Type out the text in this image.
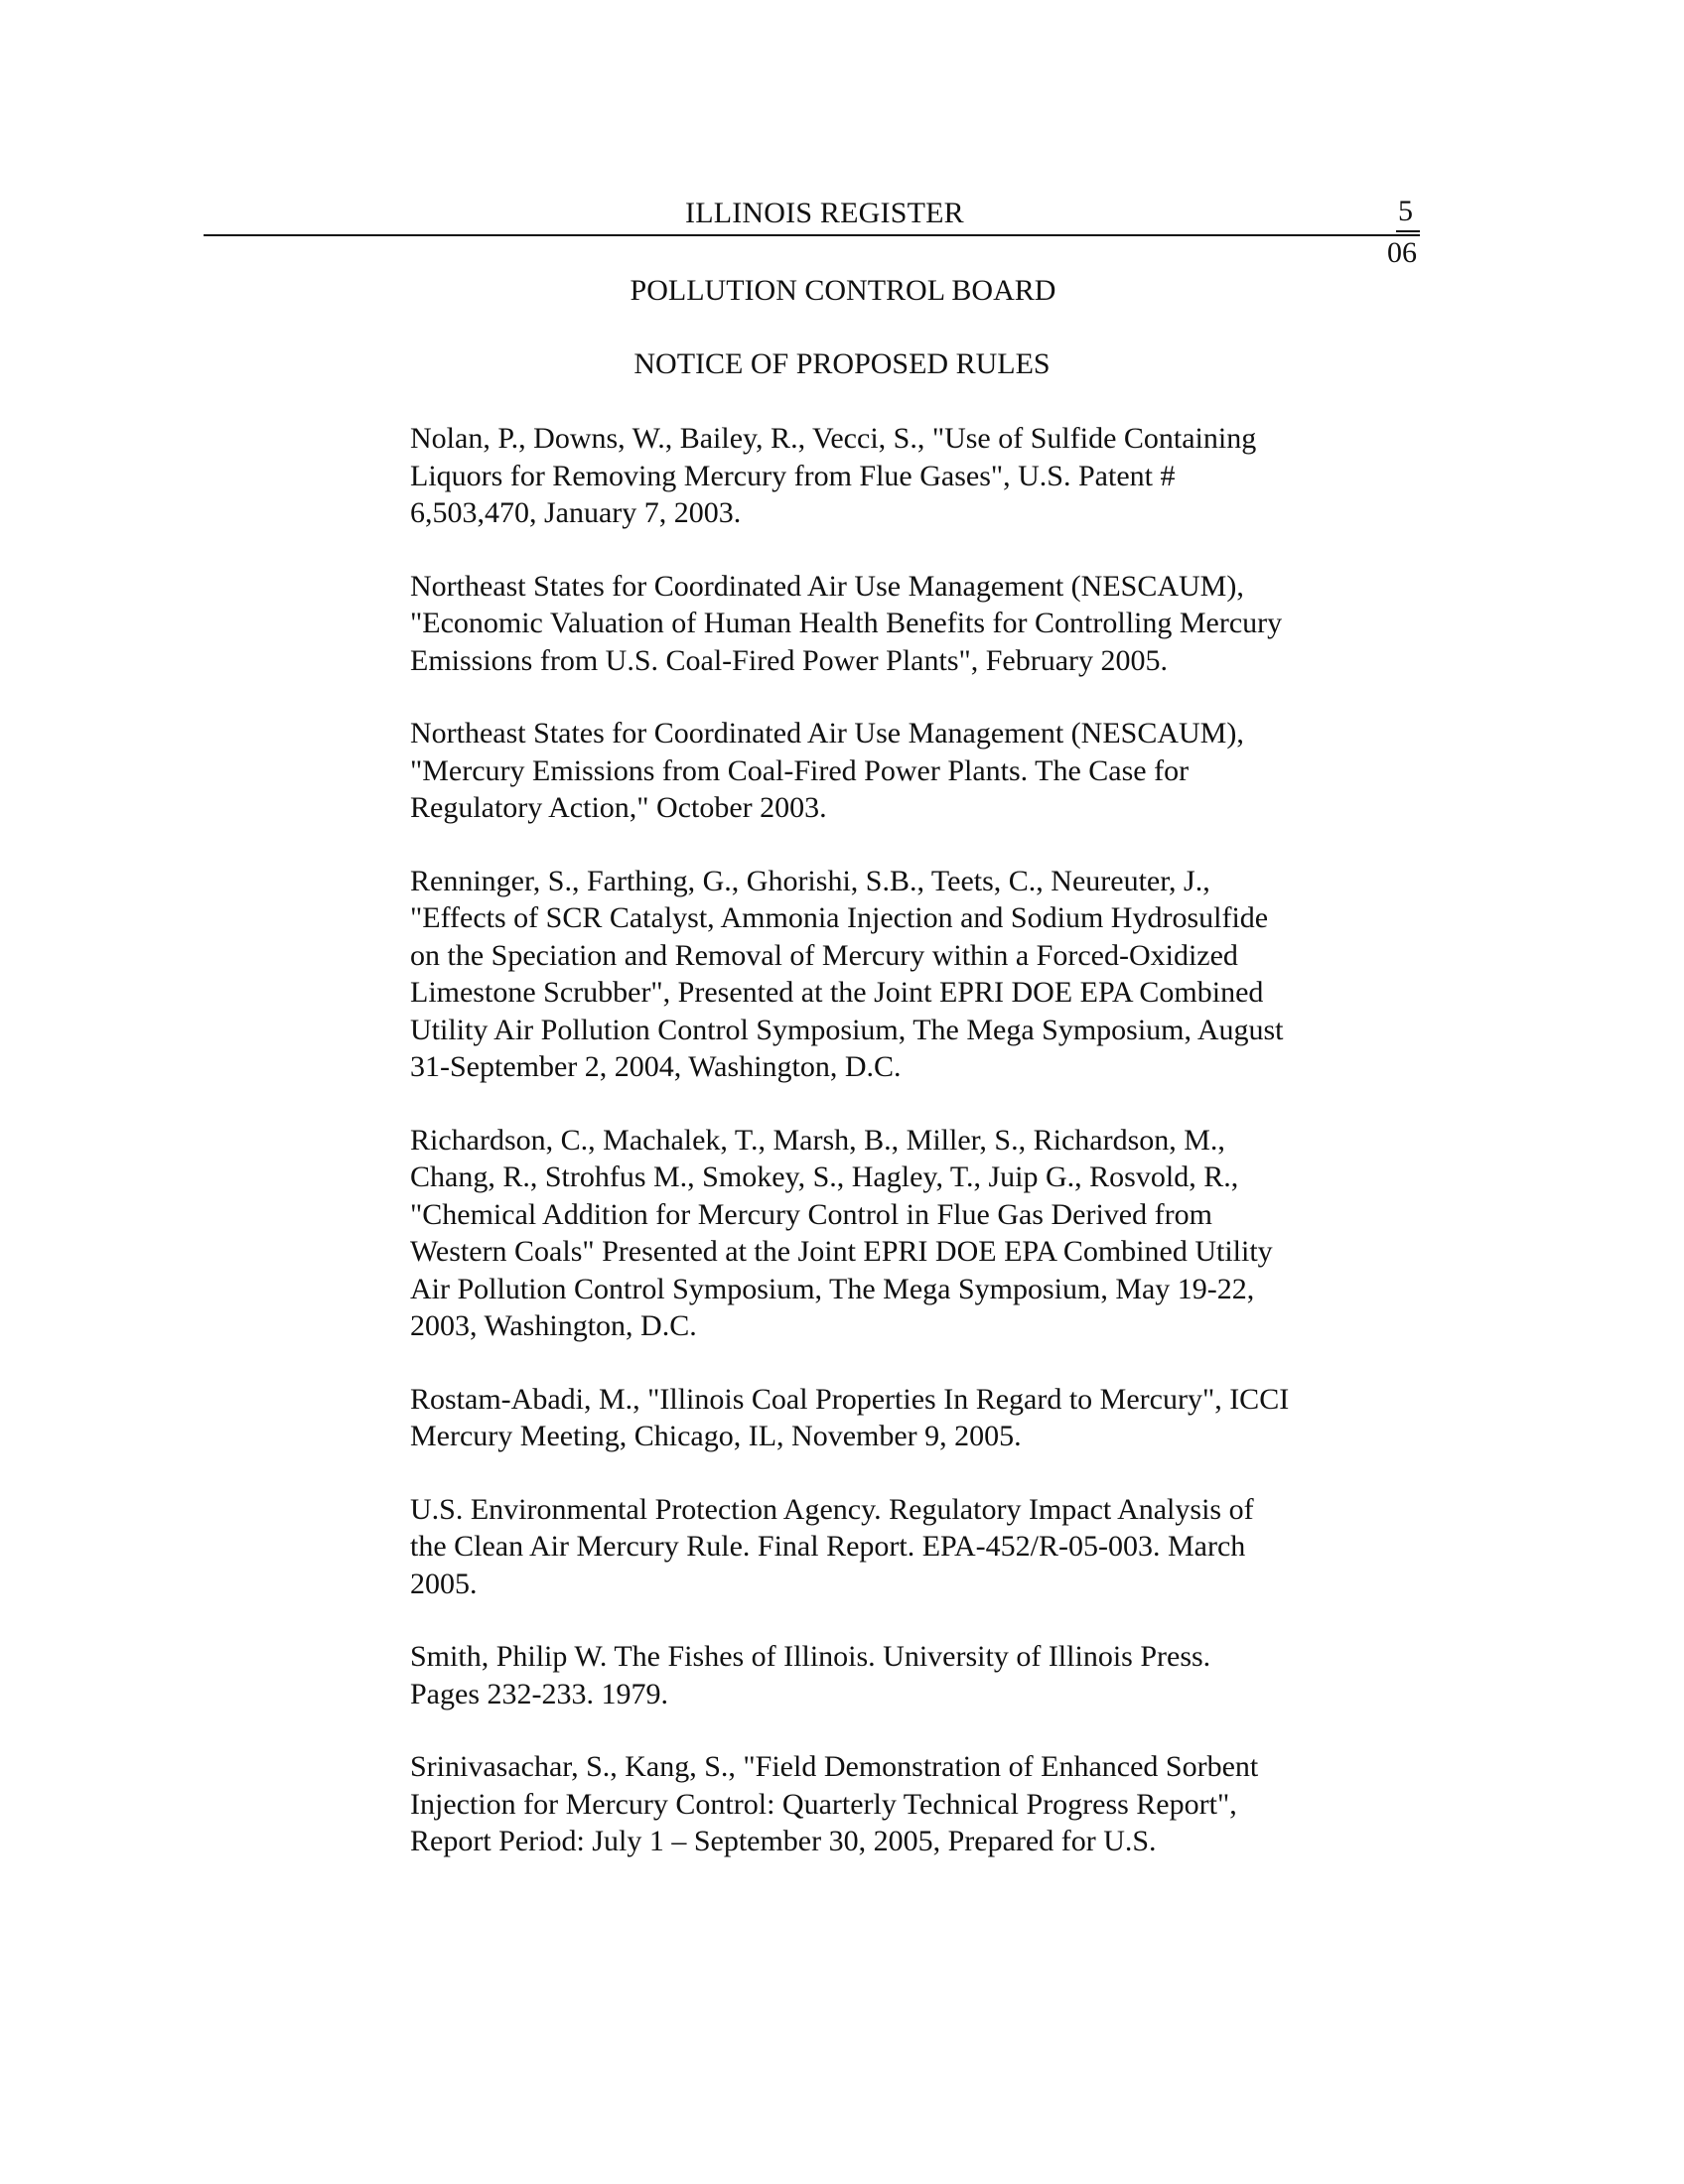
ILLINOIS REGISTER	5
06
POLLUTION CONTROL BOARD
NOTICE OF PROPOSED RULES
Nolan, P., Downs, W., Bailey, R., Vecci, S., "Use of Sulfide Containing
Liquors for Removing Mercury from Flue Gases", U.S. Patent #
6,503,470, January 7, 2003.
Northeast States for Coordinated Air Use Management (NESCAUM),
"Economic Valuation of Human Health Benefits for Controlling Mercury
Emissions from U.S. Coal-Fired Power Plants", February 2005.
Northeast States for Coordinated Air Use Management (NESCAUM),
"Mercury Emissions from Coal-Fired Power Plants. The Case for
Regulatory Action," October 2003.
Renninger, S., Farthing, G., Ghorishi, S.B., Teets, C., Neureuter, J.,
"Effects of SCR Catalyst, Ammonia Injection and Sodium Hydrosulfide
on the Speciation and Removal of Mercury within a Forced-Oxidized
Limestone Scrubber", Presented at the Joint EPRI DOE EPA Combined
Utility Air Pollution Control Symposium, The Mega Symposium, August
31-September 2, 2004, Washington, D.C.
Richardson, C., Machalek, T., Marsh, B., Miller, S., Richardson, M.,
Chang, R., Strohfus M., Smokey, S., Hagley, T., Juip G., Rosvold, R.,
"Chemical Addition for Mercury Control in Flue Gas Derived from
Western Coals" Presented at the Joint EPRI DOE EPA Combined Utility
Air Pollution Control Symposium, The Mega Symposium, May 19-22,
2003, Washington, D.C.
Rostam-Abadi, M., "Illinois Coal Properties In Regard to Mercury", ICCI
Mercury Meeting, Chicago, IL, November 9, 2005.
U.S. Environmental Protection Agency. Regulatory Impact Analysis of
the Clean Air Mercury Rule. Final Report. EPA-452/R-05-003. March
2005.
Smith, Philip W. The Fishes of Illinois. University of Illinois Press.
Pages 232-233. 1979.
Srinivasachar, S., Kang, S., "Field Demonstration of Enhanced Sorbent
Injection for Mercury Control: Quarterly Technical Progress Report",
Report Period: July 1 – September 30, 2005, Prepared for U.S.
